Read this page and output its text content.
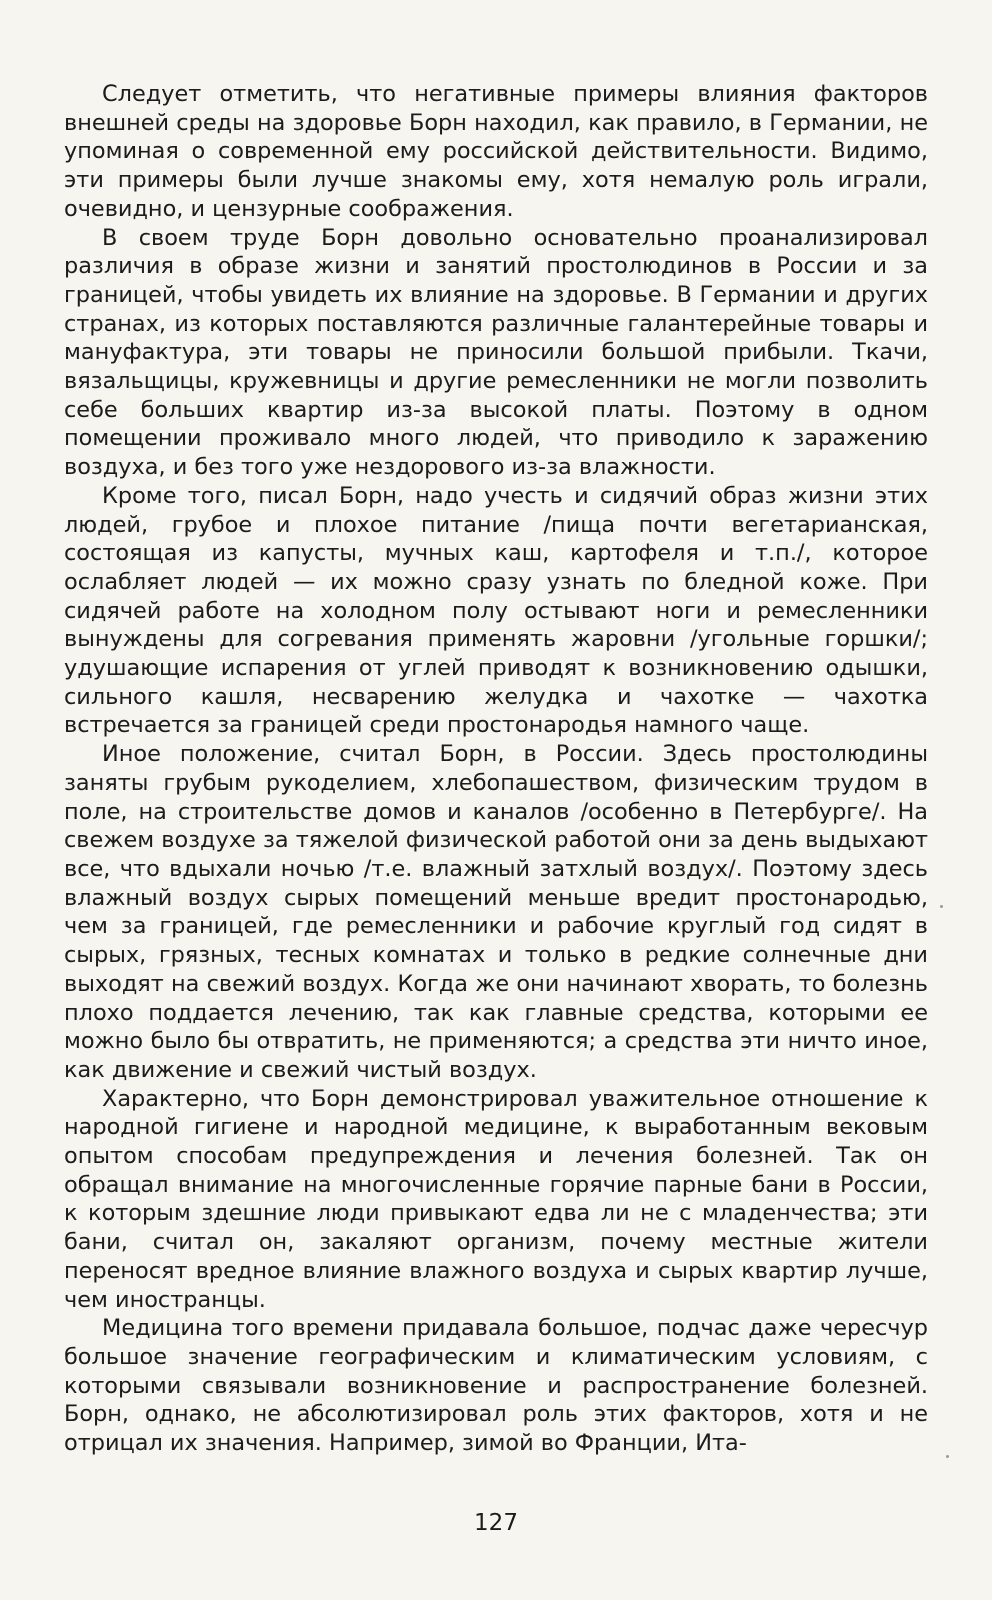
Следует отметить, что негативные примеры влияния факторов внешней среды на здоровье Борн находил, как правило, в Германии, не упоминая о современной ему российской действительности. Видимо, эти примеры были лучше знакомы ему, хотя немалую роль играли, очевидно, и цензурные соображения.

В своем труде Борн довольно основательно проанализировал различия в образе жизни и занятий простолюдинов в России и за границей, чтобы увидеть их влияние на здоровье. В Германии и других странах, из которых поставляются различные галантерейные товары и мануфактура, эти товары не приносили большой прибыли. Ткачи, вязальщицы, кружевницы и другие ремесленники не могли позволить себе больших квартир из-за высокой платы. Поэтому в одном помещении проживало много людей, что приводило к заражению воздуха, и без того уже нездорового из-за влажности.

Кроме того, писал Борн, надо учесть и сидячий образ жизни этих людей, грубое и плохое питание /пища почти вегетарианская, состоящая из капусты, мучных каш, картофеля и т.п./, которое ослабляет людей — их можно сразу узнать по бледной коже. При сидячей работе на холодном полу остывают ноги и ремесленники вынуждены для согревания применять жаровни /угольные горшки/; удушающие испарения от углей приводят к возникновению одышки, сильного кашля, несварению желудка и чахотке — чахотка встречается за границей среди простонародья намного чаще.

Иное положение, считал Борн, в России. Здесь простолюдины заняты грубым рукоделием, хлебопашеством, физическим трудом в поле, на строительстве домов и каналов /особенно в Петербурге/. На свежем воздухе за тяжелой физической работой они за день выдыхают все, что вдыхали ночью /т.е. влажный затхлый воздух/. Поэтому здесь влажный воздух сырых помещений меньше вредит простонародью, чем за границей, где ремесленники и рабочие круглый год сидят в сырых, грязных, тесных комнатах и только в редкие солнечные дни выходят на свежий воздух. Когда же они начинают хворать, то болезнь плохо поддается лечению, так как главные средства, которыми ее можно было бы отвратить, не применяются; а средства эти ничто иное, как движение и свежий чистый воздух.

Характерно, что Борн демонстрировал уважительное отношение к народной гигиене и народной медицине, к выработанным вековым опытом способам предупреждения и лечения болезней. Так он обращал внимание на многочисленные горячие парные бани в России, к которым здешние люди привыкают едва ли не с младенчества; эти бани, считал он, закаляют организм, почему местные жители переносят вредное влияние влажного воздуха и сырых квартир лучше, чем иностранцы.

Медицина того времени придавала большое, подчас даже чересчур большое значение географическим и климатическим условиям, с которыми связывали возникновение и распространение болезней. Борн, однако, не абсолютизировал роль этих факторов, хотя и не отрицал их значения. Например, зимой во Франции, Ита-

127
